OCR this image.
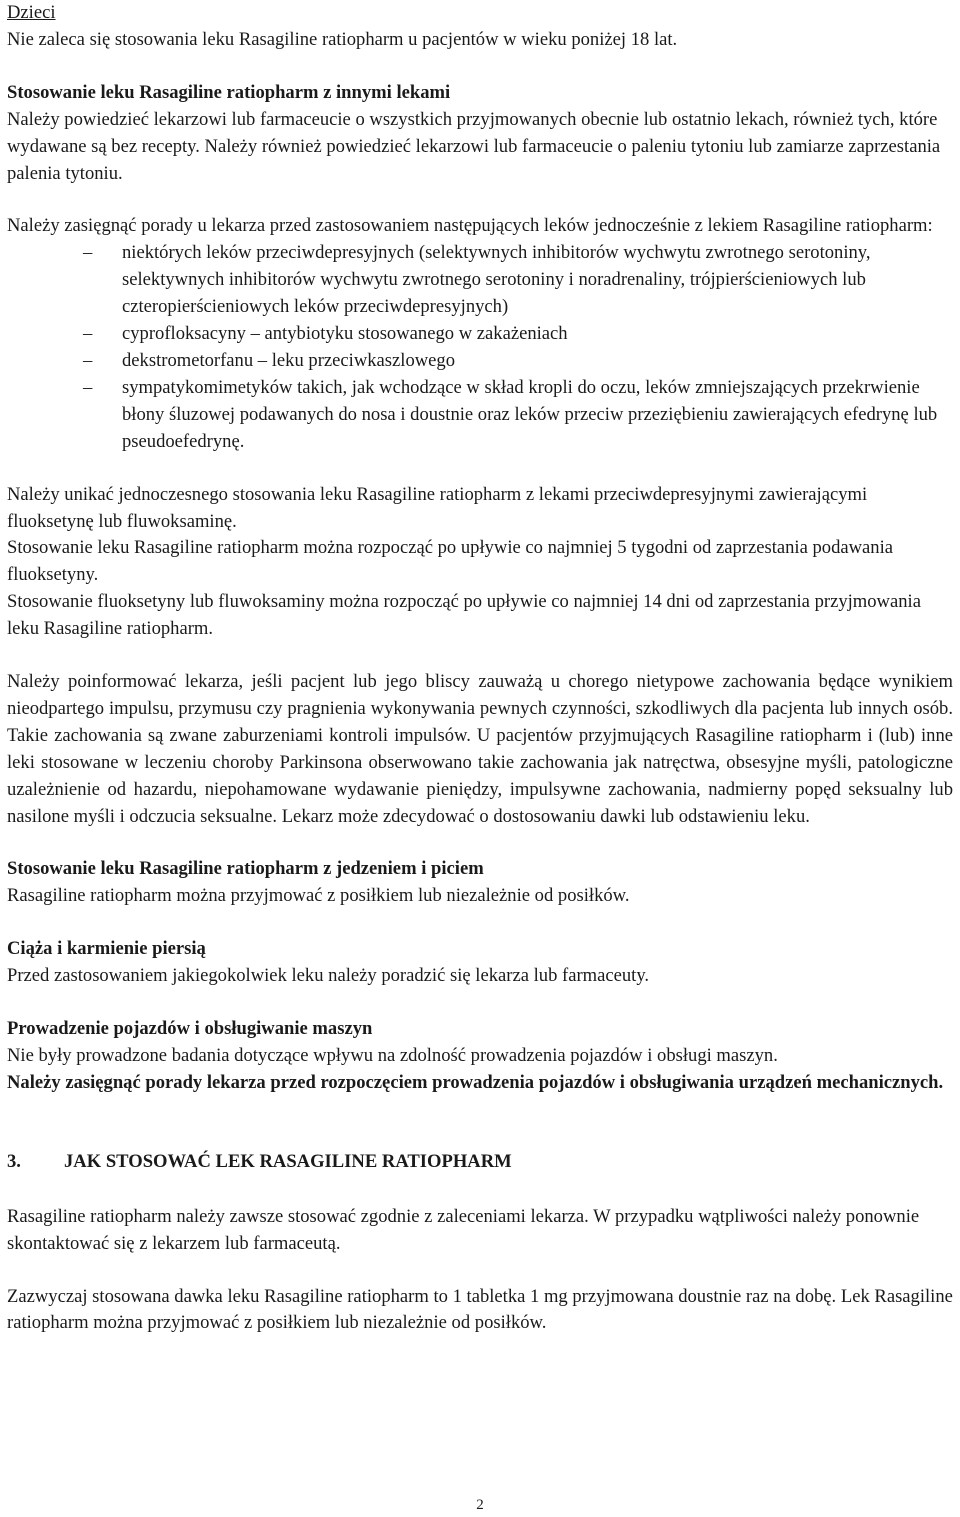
Dzieci

Nie zaleca się stosowania leku Rasagiline ratiopharm u pacjentów w wieku poniżej 18 lat.

Stosowanie leku Rasagiline ratiopharm z innymi lekami

Należy powiedzieć lekarzowi lub farmaceucie o wszystkich przyjmowanych obecnie lub ostatnio lekach, również tych, które wydawane są bez recepty. Należy również powiedzieć lekarzowi lub farmaceucie o paleniu tytoniu lub zamiarze zaprzestania palenia tytoniu.

Należy zasięgnąć porady u lekarza przed zastosowaniem następujących leków jednocześnie z lekiem Rasagiline ratiopharm:

– niektórych leków przeciwdepresyjnych (selektywnych inhibitorów wychwytu zwrotnego serotoniny, selektywnych inhibitorów wychwytu zwrotnego serotoniny i noradrenaliny, trójpierścieniowych lub czteropierścieniowych leków przeciwdepresyjnych)
– cyprofloksacyny – antybiotyku stosowanego w zakażeniach
– dekstrometorfanu – leku przeciwkaszlowego
– sympatykomimetyków takich, jak wchodzące w skład kropli do oczu, leków zmniejszających przekrwienie błony śluzowej podawanych do nosa i doustnie oraz leków przeciw przeziębieniu zawierających efedrynę lub pseudoefedrynę.

Należy unikać jednoczesnego stosowania leku Rasagiline ratiopharm z lekami przeciwdepresyjnymi zawierającymi fluoksetynę lub fluwoksaminę.

Stosowanie leku Rasagiline ratiopharm można rozpocząć po upływie co najmniej 5 tygodni od zaprzestania podawania fluoksetyny.

Stosowanie fluoksetyny lub fluwoksaminy można rozpocząć po upływie co najmniej 14 dni od zaprzestania przyjmowania leku Rasagiline ratiopharm.

Należy poinformować lekarza, jeśli pacjent lub jego bliscy zauważą u chorego nietypowe zachowania będące wynikiem nieodpartego impulsu, przymusu czy pragnienia wykonywania pewnych czynności, szkodliwych dla pacjenta lub innych osób. Takie zachowania są zwane zaburzeniami kontroli impulsów. U pacjentów przyjmujących Rasagiline ratiopharm i (lub) inne leki stosowane w leczeniu choroby Parkinsona obserwowano takie zachowania jak natręctwa, obsesyjne myśli, patologiczne uzależnienie od hazardu, niepohamowane wydawanie pieniędzy, impulsywne zachowania, nadmierny popęd seksualny lub nasilone myśli i odczucia seksualne. Lekarz może zdecydować o dostosowaniu dawki lub odstawieniu leku.

Stosowanie leku Rasagiline ratiopharm z jedzeniem i piciem

Rasagiline ratiopharm można przyjmować z posiłkiem lub niezależnie od posiłków.

Ciąża i karmienie piersią

Przed zastosowaniem jakiegokolwiek leku należy poradzić się lekarza lub farmaceuty.

Prowadzenie pojazdów i obsługiwanie maszyn

Nie były prowadzone badania dotyczące wpływu na zdolność prowadzenia pojazdów i obsługi maszyn.

Należy zasięgnąć porady lekarza przed rozpoczęciem prowadzenia pojazdów i obsługiwania urządzeń mechanicznych.

3.	JAK STOSOWAĆ LEK RASAGILINE RATIOPHARM

Rasagiline ratiopharm należy zawsze stosować zgodnie z zaleceniami lekarza. W przypadku wątpliwości należy ponownie skontaktować się z lekarzem lub farmaceutą.

Zazwyczaj stosowana dawka leku Rasagiline ratiopharm to 1 tabletka 1 mg przyjmowana doustnie raz na dobę. Lek Rasagiline ratiopharm można przyjmować z posiłkiem lub niezależnie od posiłków.

2
